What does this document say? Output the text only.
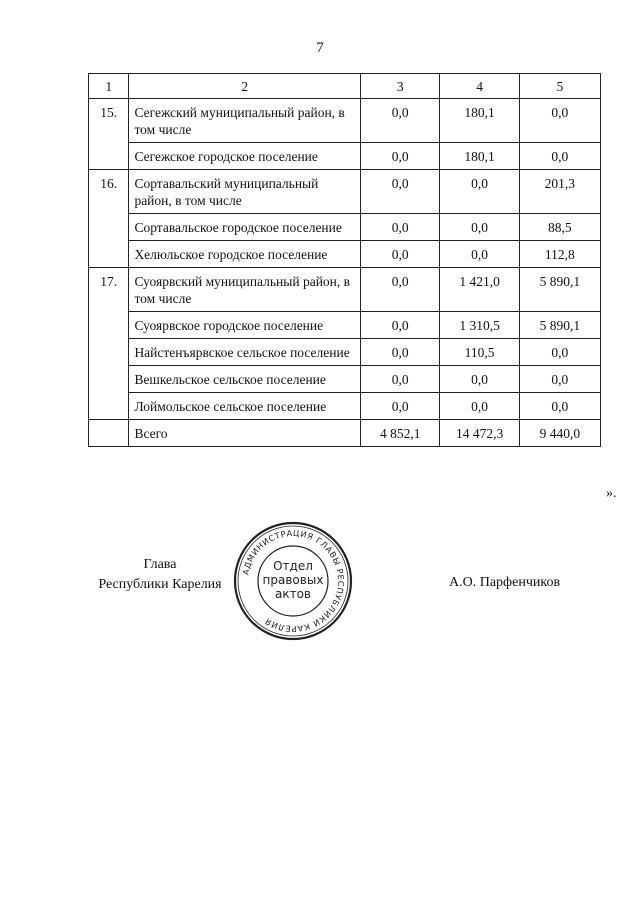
7
1	2	3	4	5
15.	Сегежский муниципальный район, в том числе	0,0	180,1	0,0
	Сегежское городское поселение	0,0	180,1	0,0
16.	Сортавальский муниципальный район, в том числе	0,0	0,0	201,3
	Сортавальское городское поселение	0,0	0,0	88,5
	Хелюльское городское поселение	0,0	0,0	112,8
17.	Суоярвский муниципальный район, в том числе	0,0	1 421,0	5 890,1
	Суоярвское городское поселение	0,0	1 310,5	5 890,1
	Найстенъярвское сельское поселение	0,0	110,5	0,0
	Вешкельское сельское поселение	0,0	0,0	0,0
	Лоймольское сельское поселение	0,0	0,0	0,0
	Всего	4 852,1	14 472,3	9 440,0
».
Глава
Республики Карелия
АДМИНИСТРАЦИЯ ГЛАВЫ РЕСПУБЛИКИ КАРЕЛИЯ
Отдел
правовых
актов
А.О. Парфенчиков
